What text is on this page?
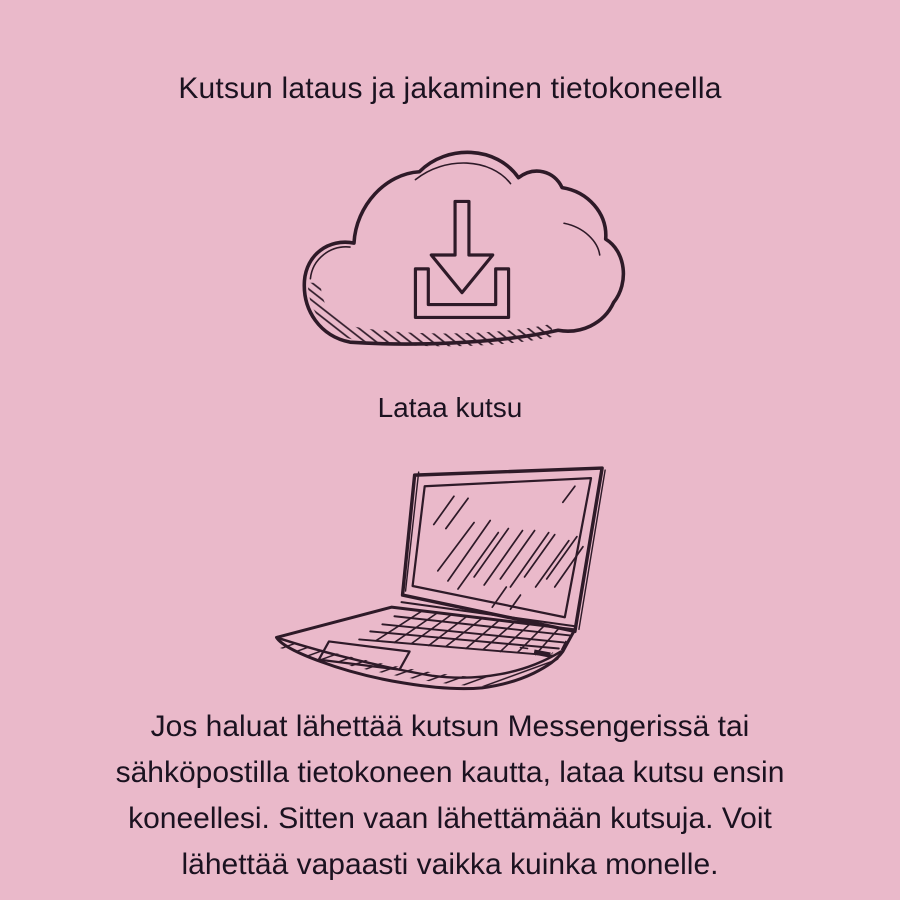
Kutsun lataus ja jakaminen tietokoneella
Lataa kutsu
Jos haluat lähettää kutsun Messengerissä tai
sähköpostilla tietokoneen kautta, lataa kutsu ensin
koneellesi. Sitten vaan lähettämään kutsuja. Voit
lähettää vapaasti vaikka kuinka monelle.
